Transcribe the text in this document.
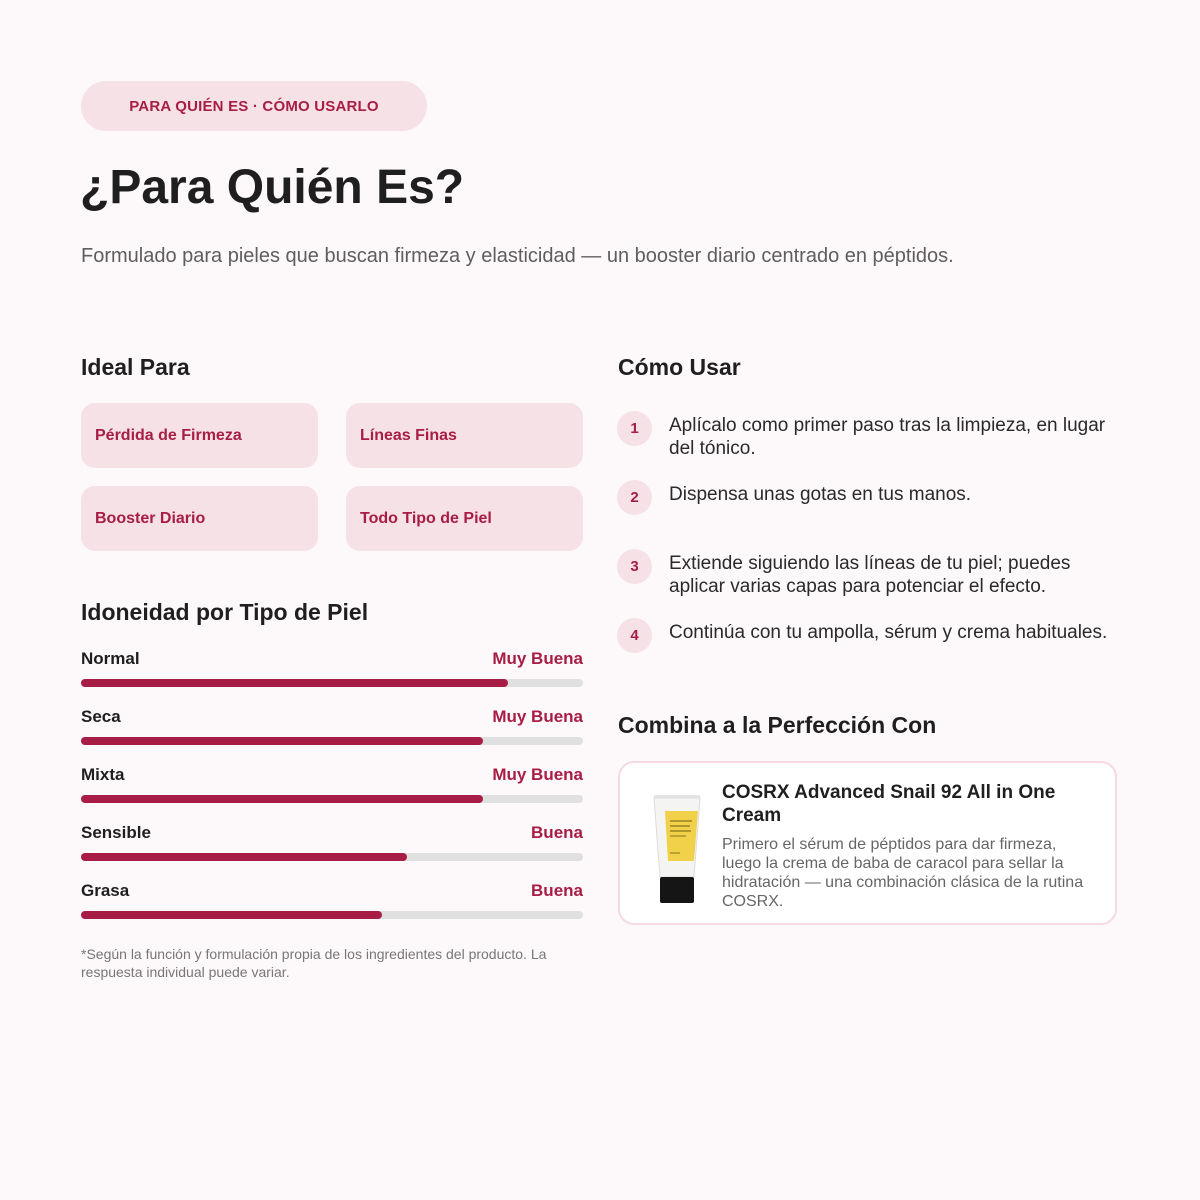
PARA QUIÉN ES · CÓMO USARLO
¿Para Quién Es?

Formulado para pieles que buscan firmeza y elasticidad — un booster diario centrado en péptidos.

Ideal Para
Pérdida de Firmeza	Líneas Finas
Booster Diario	Todo Tipo de Piel
Idoneidad por Tipo de Piel
Normal	Muy Buena
Seca	Muy Buena
Mixta	Muy Buena
Sensible	Buena
Grasa	Buena

*Según la función y formulación propia de los ingredientes del producto. La respuesta individual puede variar.

Cómo Usar
1	Aplícalo como primer paso tras la limpieza, en lugar del tónico.
2	Dispensa unas gotas en tus manos.
3	Extiende siguiendo las líneas de tu piel; puedes aplicar varias capas para potenciar el efecto.
4	Continúa con tu ampolla, sérum y crema habituales.
Combina a la Perfección Con
COSRX Advanced Snail 92 All in One Cream
Primero el sérum de péptidos para dar firmeza, luego la crema de baba de caracol para sellar la hidratación — una combinación clásica de la rutina COSRX.
